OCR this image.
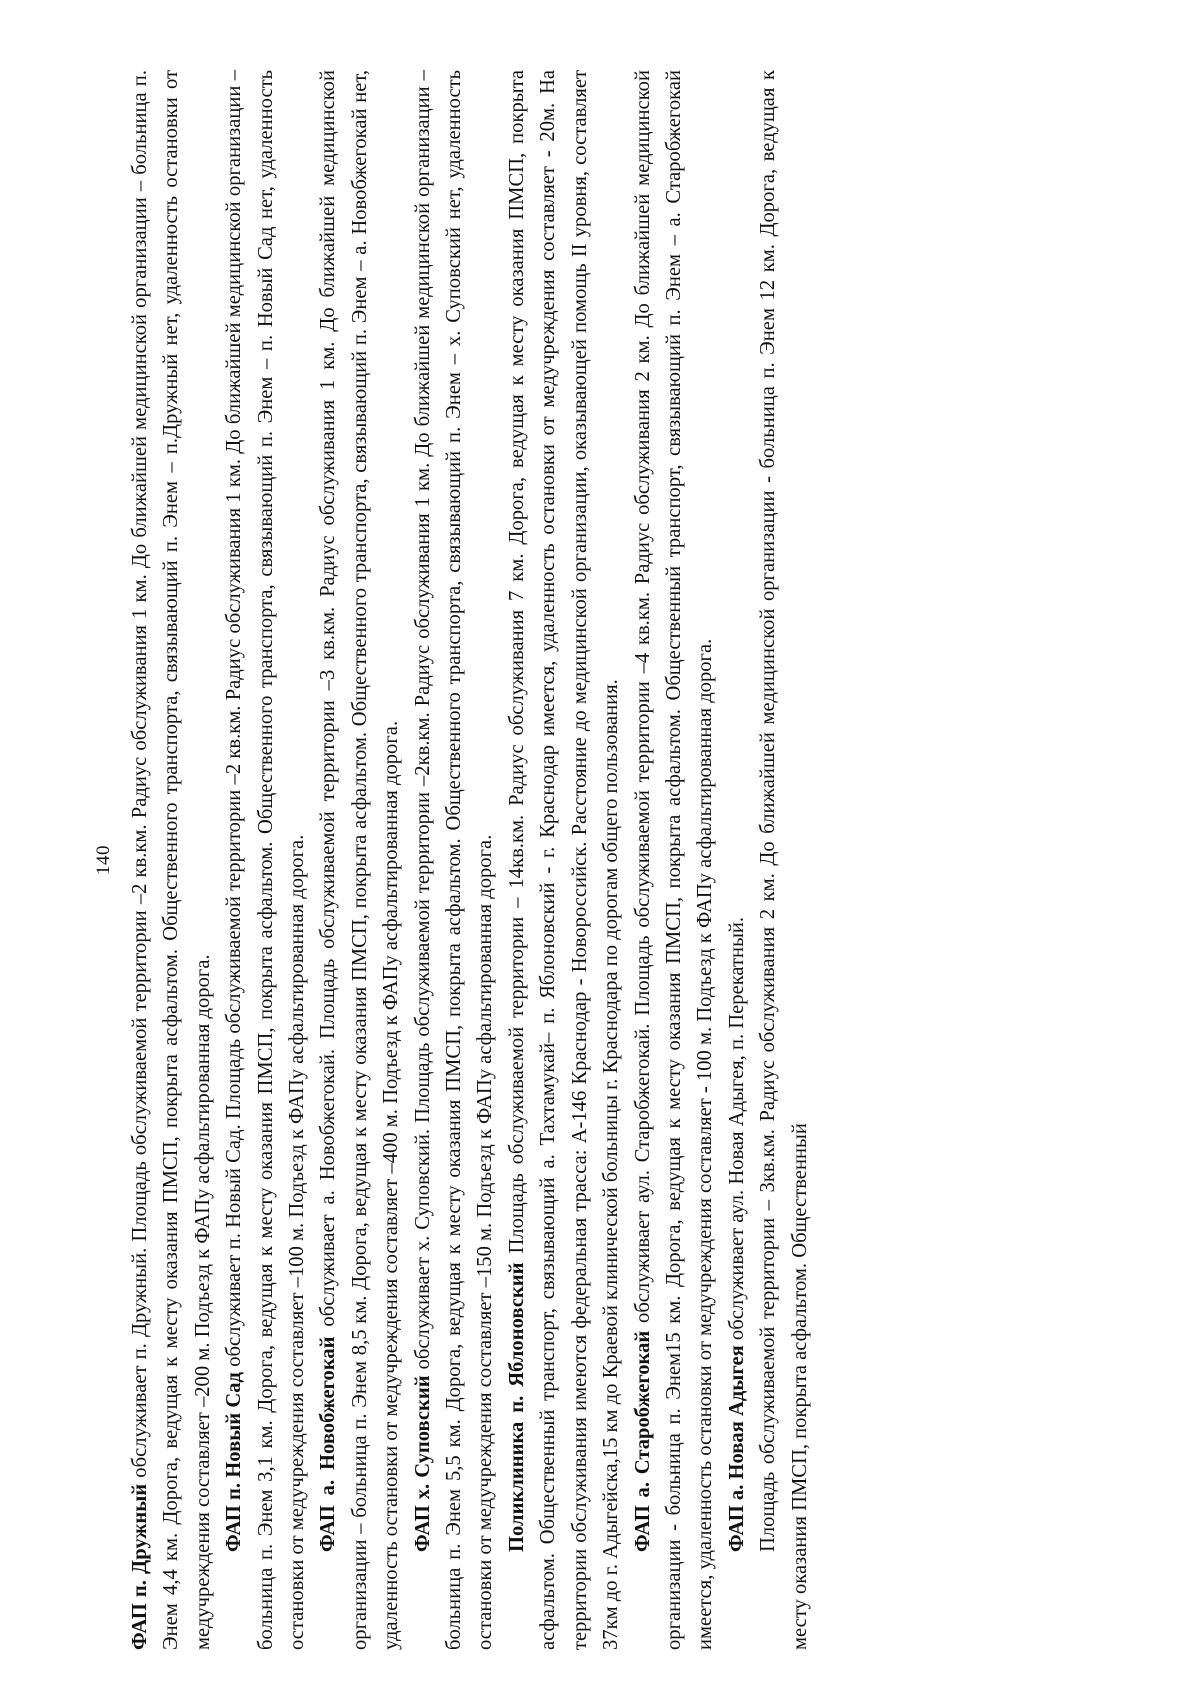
140

ФАП п. Дружный обслуживает п. Дружный. Площадь обслуживаемой территории –2 кв.км. Радиус обслуживания 1 км. До ближайшей медицинской организации – больница п. Энем 4,4 км. Дорога, ведущая к месту оказания ПМСП, покрыта асфальтом. Общественного транспорта, связывающий п. Энем – п.Дружный нет, удаленность остановки от медучреждения составляет –200 м. Подъезд к ФАПу асфальтированная дорога. ФАП п. Новый Сад обслуживает п. Новый Сад. Площадь обслуживаемой территории –2 кв.км. Радиус обслуживания 1 км. До ближайшей медицинской организации – больница п. Энем 3,1 км. Дорога, ведущая к месту оказания ПМСП, покрыта асфальтом. Общественного транспорта, связывающий п. Энем – п. Новый Сад нет, удаленность остановки от медучреждения составляет –100 м. Подъезд к ФАПу асфальтированная дорога. ФАП а. Новобжегокай обслуживает а. Новобжегокай. Площадь обслуживаемой территории –3 кв.км. Радиус обслуживания 1 км. До ближайшей медицинской организации – больница п. Энем 8,5 км. Дорога, ведущая к месту оказания ПМСП, покрыта асфальтом. Общественного транспорта, связывающий п. Энем – а. Новобжегокай нет, удаленность остановки от медучреждения составляет –400 м. Подъезд к ФАПу асфальтированная дорога. ФАП х. Суповский обслуживает х. Суповский. Площадь обслуживаемой территории –2кв.км. Радиус обслуживания 1 км. До ближайшей медицинской организации – больница п. Энем 5,5 км. Дорога, ведущая к месту оказания ПМСП, покрыта асфальтом. Общественного транспорта, связывающий п. Энем – х. Суповский нет, удаленность остановки от медучреждения составляет –150 м. Подъезд к ФАПу асфальтированная дорога. Поликлиника п. Яблоновский Площадь обслуживаемой территории – 14кв.км. Радиус обслуживания 7 км. Дорога, ведущая к месту оказания ПМСП, покрыта асфальтом. Общественный транспорт, связывающий а. Тахтамукай– п. Яблоновский - г. Краснодар имеется, удаленность остановки от медучреждения составляет - 20м. На территории обслуживания имеются федеральная трасса: А-146 Краснодар - Новороссийск. Расстояние до медицинской организации, оказывающей помощь II уровня, составляет 37км до г. Адыгейска,15 км до Краевой клинической больницы г. Краснодара по дорогам общего пользования. ФАП а. Старобжегокай обслуживает аул. Старобжегокай. Площадь обслуживаемой территории –4 кв.км. Радиус обслуживания 2 км. До ближайшей медицинской организации - больница п. Энем15 км. Дорога, ведущая к месту оказания ПМСП, покрыта асфальтом. Общественный транспорт, связывающий п. Энем – а. Старобжегокай имеется, удаленность остановки от медучреждения составляет - 100 м. Подъезд к ФАПу асфальтированная дорога. ФАП а. Новая Адыгея обслуживает аул. Новая Адыгея, п. Перекатный. Площадь обслуживаемой территории – 3кв.км. Радиус обслуживания 2 км. До ближайшей медицинской организации - больница п. Энем 12 км. Дорога, ведущая к месту оказания ПМСП, покрыта асфальтом. Общественный
